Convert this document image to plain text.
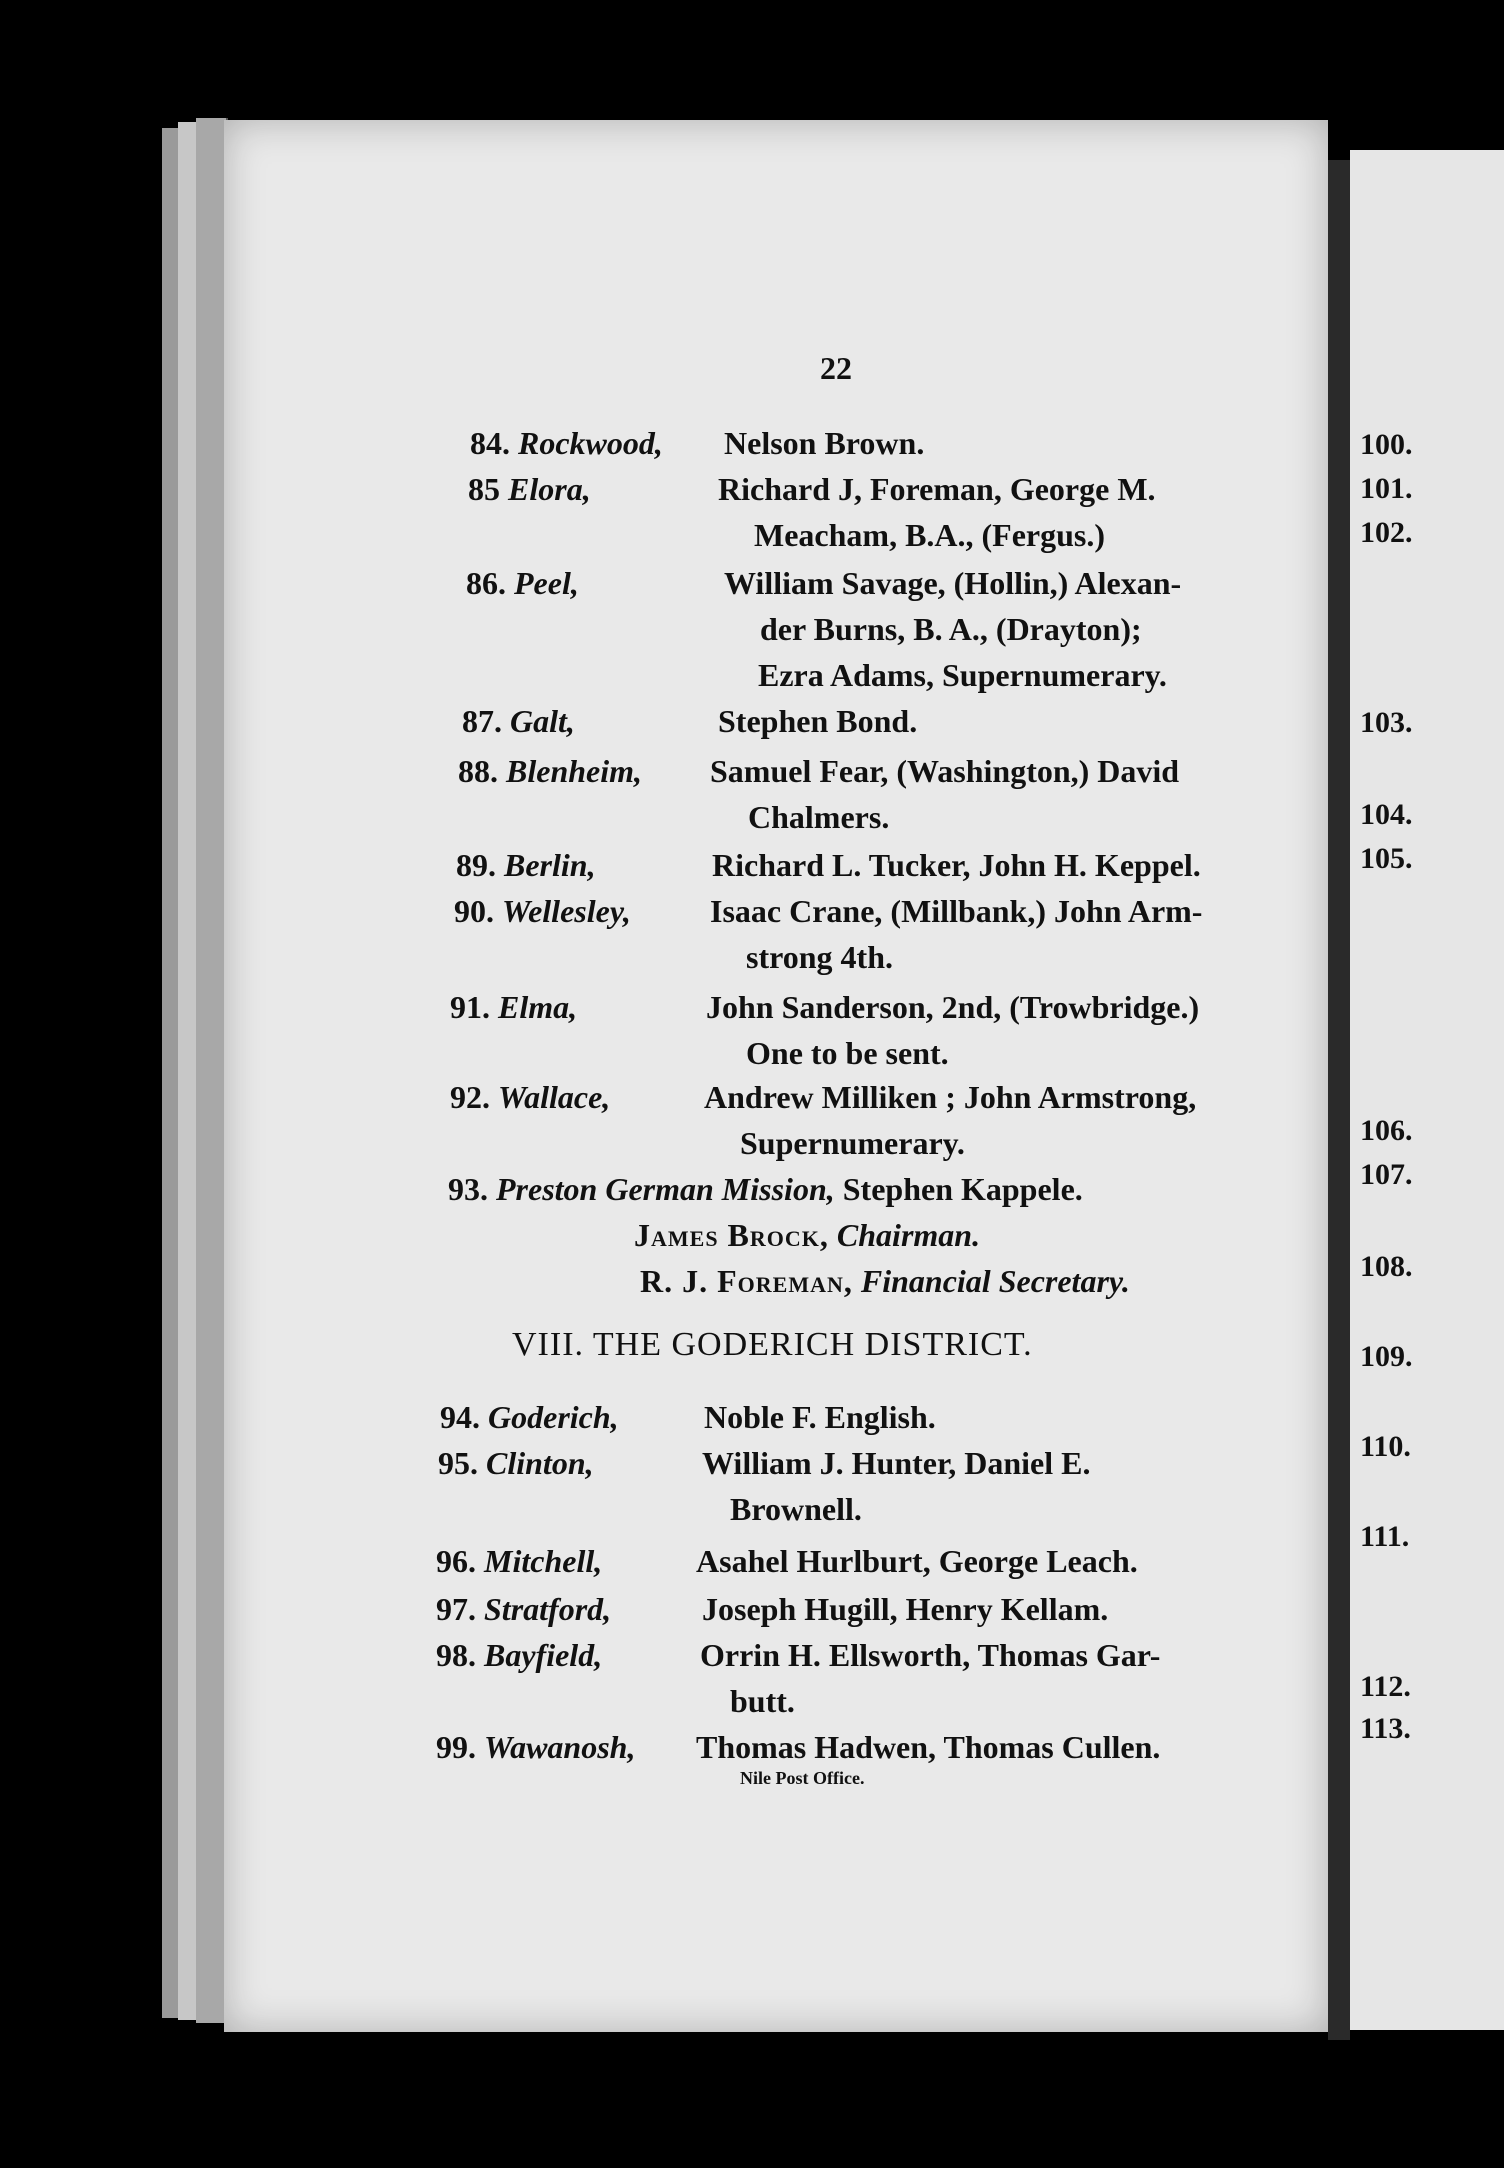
100.
101.
102.
103.
104.
105.
106.
107.
108.
109.
110.
111.
112.
113.
22
84. Rockwood, Nelson Brown.
85 Elora,	Richard J, Foreman, George M.
Meacham, B.A., (Fergus.)
86. Peel,	William Savage, (Hollin,) Alexan-
der Burns, B. A., (Drayton);
Ezra Adams, Supernumerary.
87. Galt,	Stephen Bond.
88. Blenheim, Samuel Fear, (Washington,) David
Chalmers.
89. Berlin,	Richard L. Tucker, John H. Keppel.
90. Wellesley, Isaac Crane, (Millbank,) John Arm-
strong 4th.
91. Elma,	John Sanderson, 2nd, (Trowbridge.)
One to be sent.
92. Wallace,	Andrew Milliken ; John Armstrong,
Supernumerary.
93. Preston German Mission, Stephen Kappele.
James Brock, Chairman.
R. J. Foreman, Financial Secretary.
VIII. THE GODERICH DISTRICT.
94. Goderich,	Noble F. English.
95. Clinton,	William J. Hunter, Daniel E.
Brownell.
96. Mitchell,	Asahel Hurlburt, George Leach.
97. Stratford,	Joseph Hugill, Henry Kellam.
98. Bayfield,	Orrin H. Ellsworth, Thomas Gar-
butt.
99. Wawanosh, Thomas Hadwen, Thomas Cullen.
Nile Post Office.
